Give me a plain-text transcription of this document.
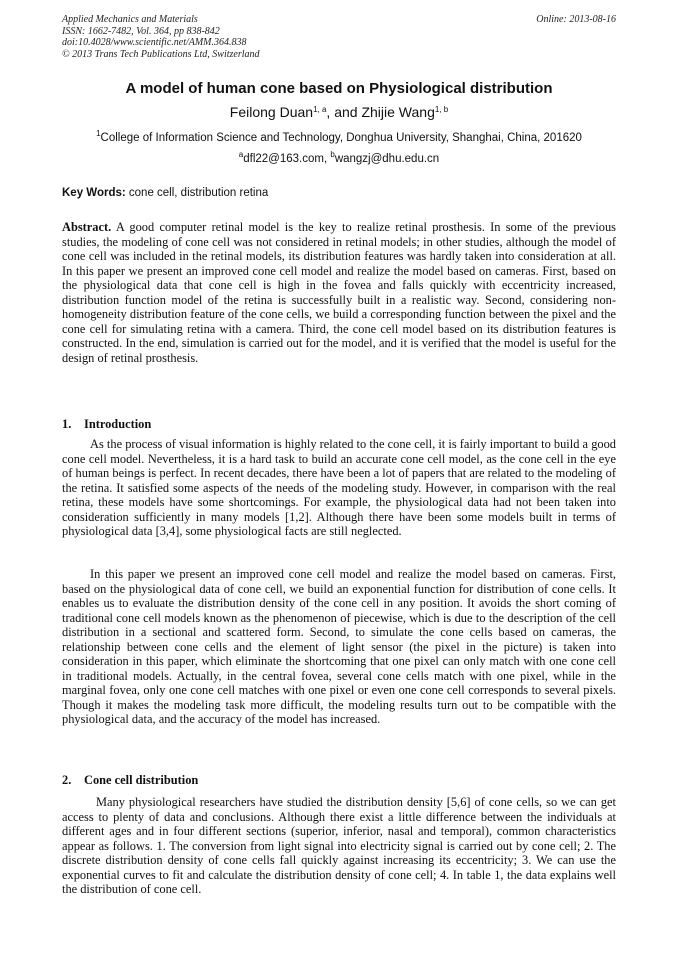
Applied Mechanics and Materials
ISSN: 1662-7482, Vol. 364, pp 838-842
doi:10.4028/www.scientific.net/AMM.364.838
© 2013 Trans Tech Publications Ltd, Switzerland
Online: 2013-08-16
A model of human cone based on Physiological distribution
Feilong Duan$^{1, a}$, and Zhijie Wang$^{1, b}$
$^1$College of Information Science and Technology, Donghua University, Shanghai, China, 201620
$^a$dfl22@163.com, $^b$wangzj@dhu.edu.cn
Key Words: cone cell, distribution retina
Abstract. A good computer retinal model is the key to realize retinal prosthesis. In some of the previous studies, the modeling of cone cell was not considered in retinal models; in other studies, although the model of cone cell was included in the retinal models, its distribution features was hardly taken into consideration at all. In this paper we present an improved cone cell model and realize the model based on cameras. First, based on the physiological data that cone cell is high in the fovea and falls quickly with eccentricity increased, distribution function model of the retina is successfully built in a realistic way. Second, considering non-homogeneity distribution feature of the cone cells, we build a corresponding function between the pixel and the cone cell for simulating retina with a camera. Third, the cone cell model based on its distribution features is constructed. In the end, simulation is carried out for the model, and it is verified that the model is useful for the design of retinal prosthesis.
1. Introduction
As the process of visual information is highly related to the cone cell, it is fairly important to build a good cone cell model. Nevertheless, it is a hard task to build an accurate cone cell model, as the cone cell in the eye of human beings is perfect. In recent decades, there have been a lot of papers that are related to the modeling of the retina. It satisfied some aspects of the needs of the modeling study. However, in comparison with the real retina, these models have some shortcomings. For example, the physiological data had not been taken into consideration sufficiently in many models [1,2]. Although there have been some models built in terms of physiological data [3,4], some physiological facts are still neglected.
In this paper we present an improved cone cell model and realize the model based on cameras. First, based on the physiological data of cone cell, we build an exponential function for distribution of cone cells. It enables us to evaluate the distribution density of the cone cell in any position. It avoids the short coming of traditional cone cell models known as the phenomenon of piecewise, which is due to the description of the cell distribution in a sectional and scattered form. Second, to simulate the cone cells based on cameras, the relationship between cone cells and the element of light sensor (the pixel in the picture) is taken into consideration in this paper, which eliminate the shortcoming that one pixel can only match with one cone cell in traditional models. Actually, in the central fovea, several cone cells match with one pixel, while in the marginal fovea, only one cone cell matches with one pixel or even one cone cell corresponds to several pixels. Though it makes the modeling task more difficult, the modeling results turn out to be compatible with the physiological data, and the accuracy of the model has increased.
2. Cone cell distribution
Many physiological researchers have studied the distribution density [5,6] of cone cells, so we can get access to plenty of data and conclusions. Although there exist a little difference between the individuals at different ages and in four different sections (superior, inferior, nasal and temporal), common characteristics appear as follows. 1. The conversion from light signal into electricity signal is carried out by cone cell; 2. The discrete distribution density of cone cells fall quickly against increasing its eccentricity; 3. We can use the exponential curves to fit and calculate the distribution density of cone cell; 4. In table 1, the data explains well the distribution of cone cell.
